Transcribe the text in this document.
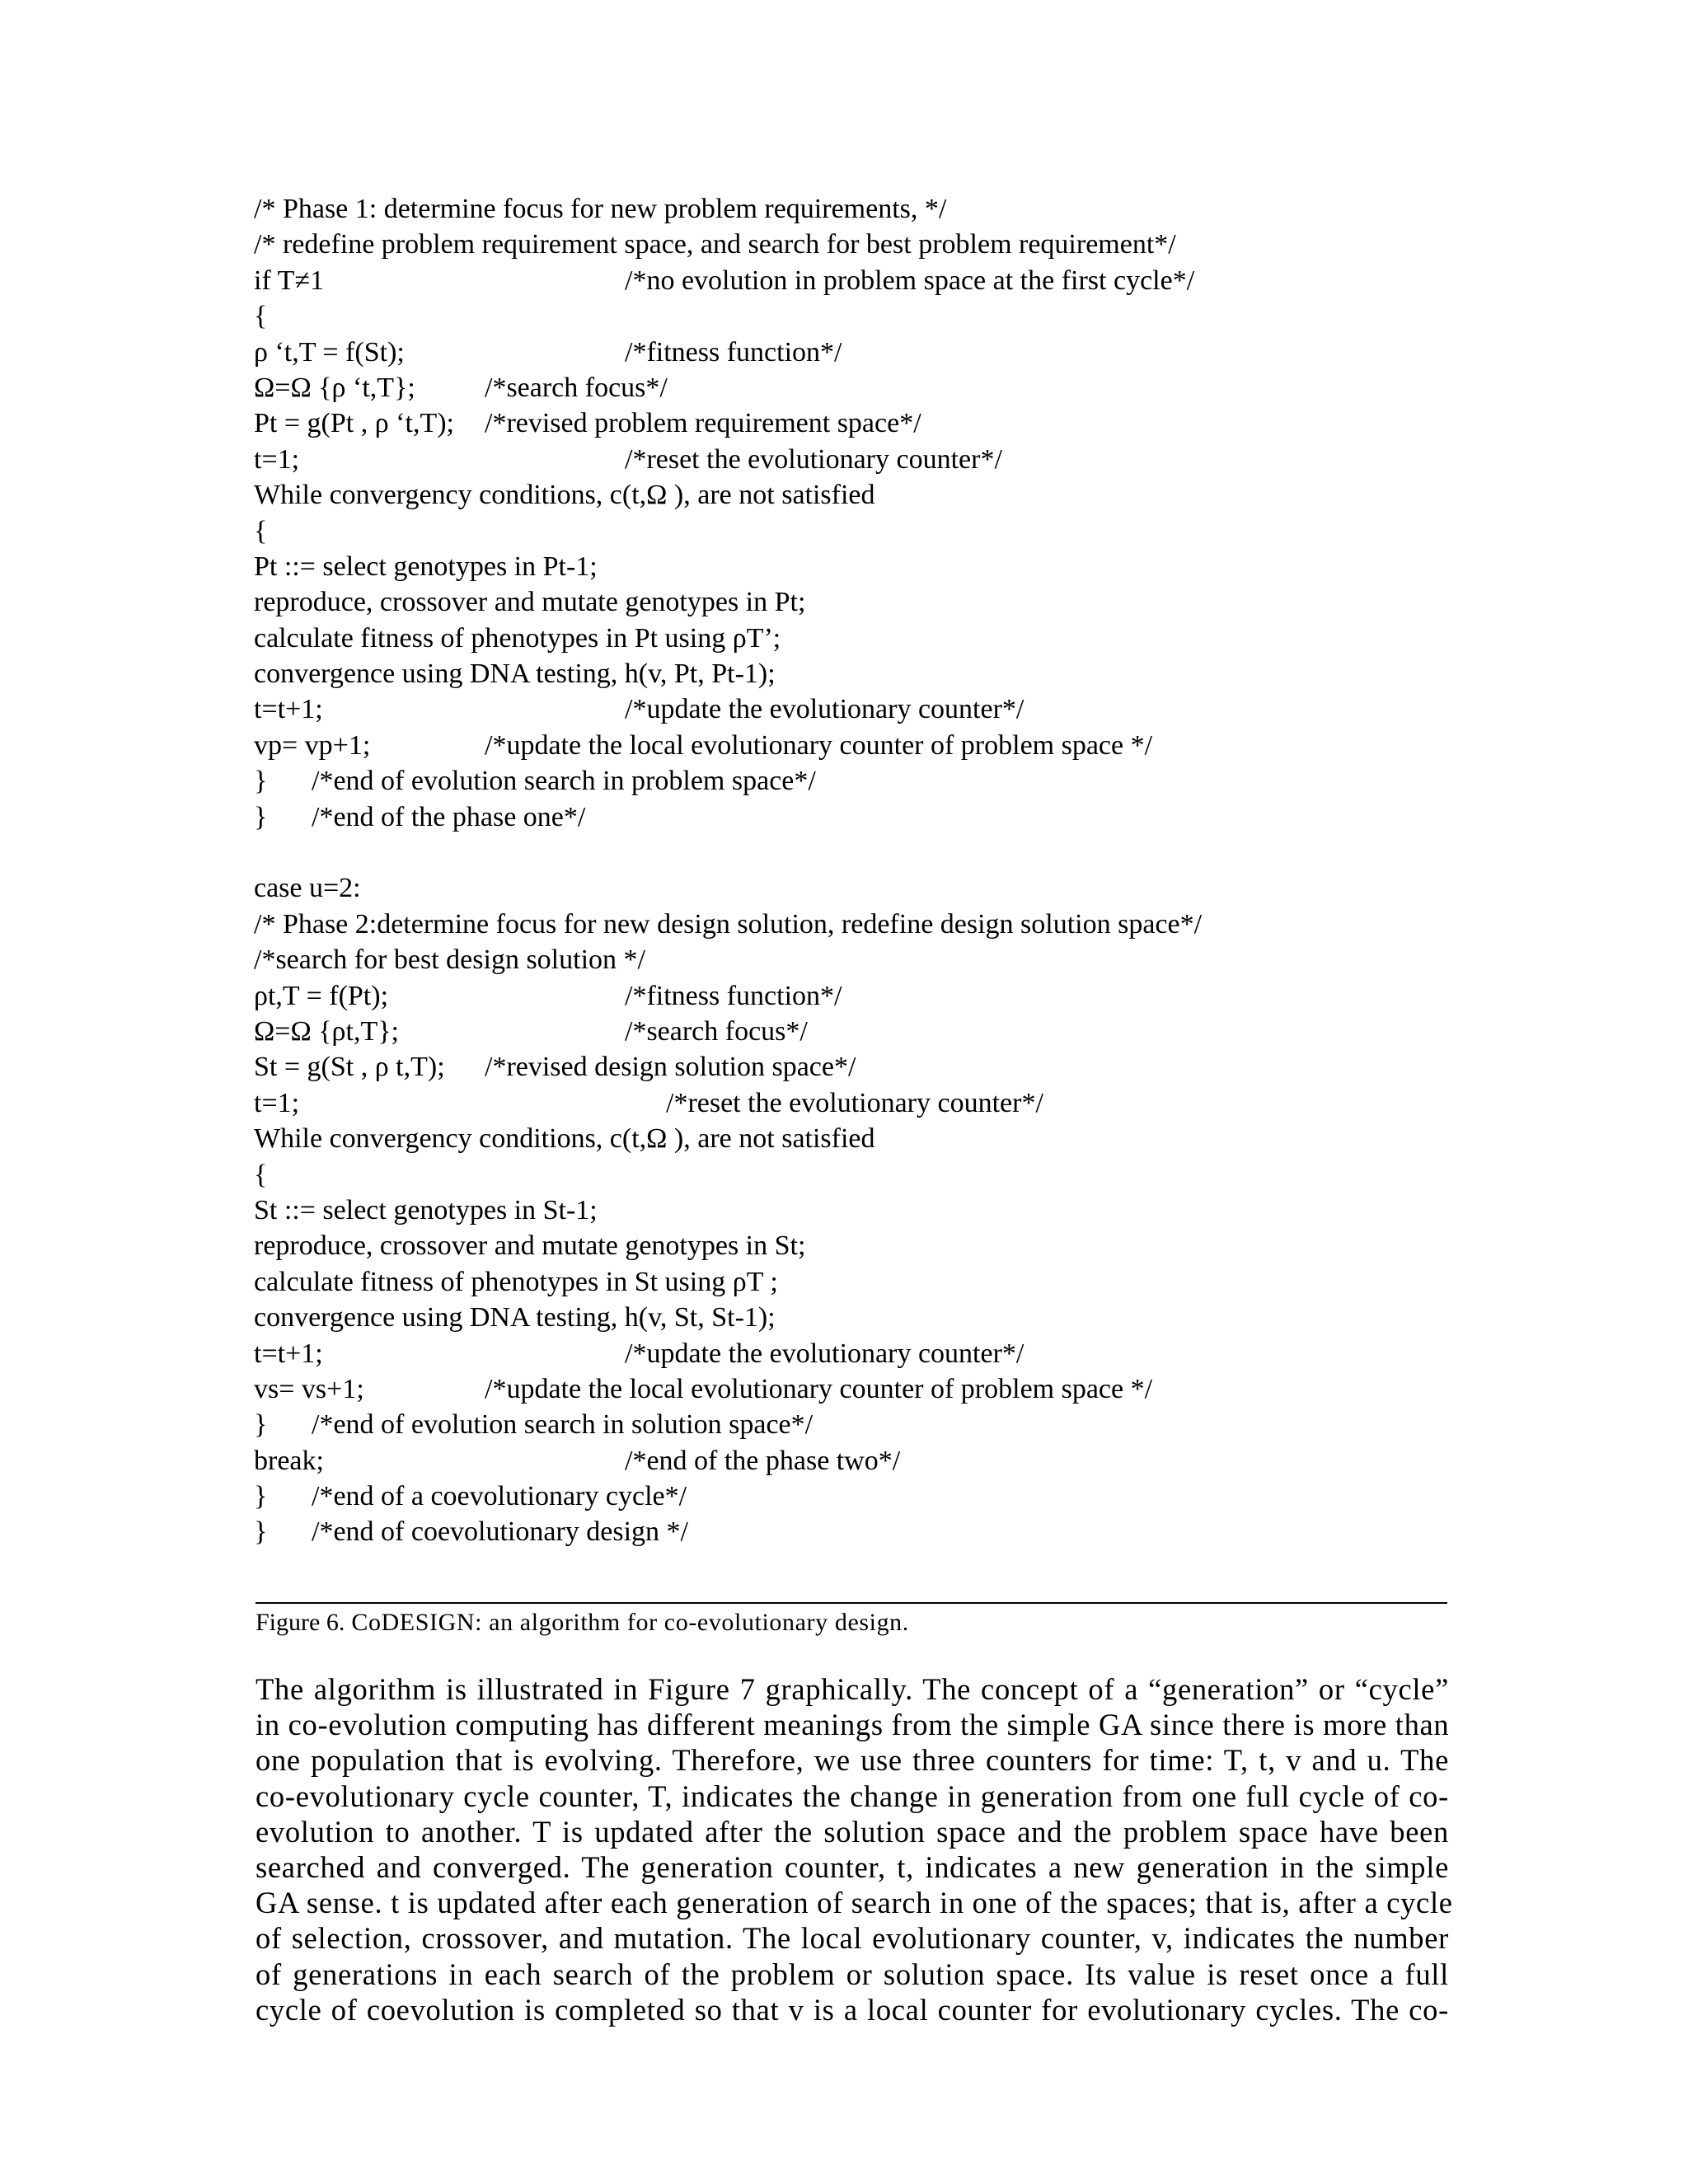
/* Phase 1: determine focus for new problem requirements, */
/* redefine problem requirement space, and search for best problem requirement*/
if T≠1	/*no evolution in problem space at the first cycle*/
{
ρ ‘t,T = f(St);	/*fitness function*/
Ω=Ω {ρ ‘t,T}; /*search focus*/
Pt = g(Pt , ρ ‘t,T); /*revised problem requirement space*/
t=1;	/*reset the evolutionary counter*/
While convergency conditions, c(t,Ω ), are not satisfied
{
Pt ::= select genotypes in Pt-1;
reproduce, crossover and mutate genotypes in Pt;
calculate fitness of phenotypes in Pt using ρT’;
convergence using DNA testing, h(v, Pt, Pt-1);
t=t+1;	/*update the evolutionary counter*/
vp= vp+1;	/*update the local evolutionary counter of problem space */
} /*end of evolution search in problem space*/
} /*end of the phase one*/
case u=2:
/* Phase 2:determine focus for new design solution, redefine design solution space*/
/*search for best design solution */
ρt,T = f(Pt);	/*fitness function*/
Ω=Ω {ρt,T};	/*search focus*/
St = g(St , ρ t,T); /*revised design solution space*/
t=1;	/*reset the evolutionary counter*/
While convergency conditions, c(t,Ω ), are not satisfied
{
St ::= select genotypes in St-1;
reproduce, crossover and mutate genotypes in St;
calculate fitness of phenotypes in St using ρT ;
convergence using DNA testing, h(v, St, St-1);
t=t+1;	/*update the evolutionary counter*/
vs= vs+1;	/*update the local evolutionary counter of problem space */
} /*end of evolution search in solution space*/
break;	/*end of the phase two*/
} /*end of a coevolutionary cycle*/
} /*end of coevolutionary design */
Figure 6. CoDESIGN: an algorithm for co-evolutionary design.
The algorithm is illustrated in Figure 7 graphically. The concept of a “generation” or “cycle”
in co-evolution computing has different meanings from the simple GA since there is more than
one population that is evolving. Therefore, we use three counters for time: T, t, v and u. The
co-evolutionary cycle counter, T, indicates the change in generation from one full cycle of co-
evolution to another. T is updated after the solution space and the problem space have been
searched and converged. The generation counter, t, indicates a new generation in the simple
GA sense. t is updated after each generation of search in one of the spaces; that is, after a cycle
of selection, crossover, and mutation. The local evolutionary counter, v, indicates the number
of generations in each search of the problem or solution space. Its value is reset once a full
cycle of coevolution is completed so that v is a local counter for evolutionary cycles. The co-
